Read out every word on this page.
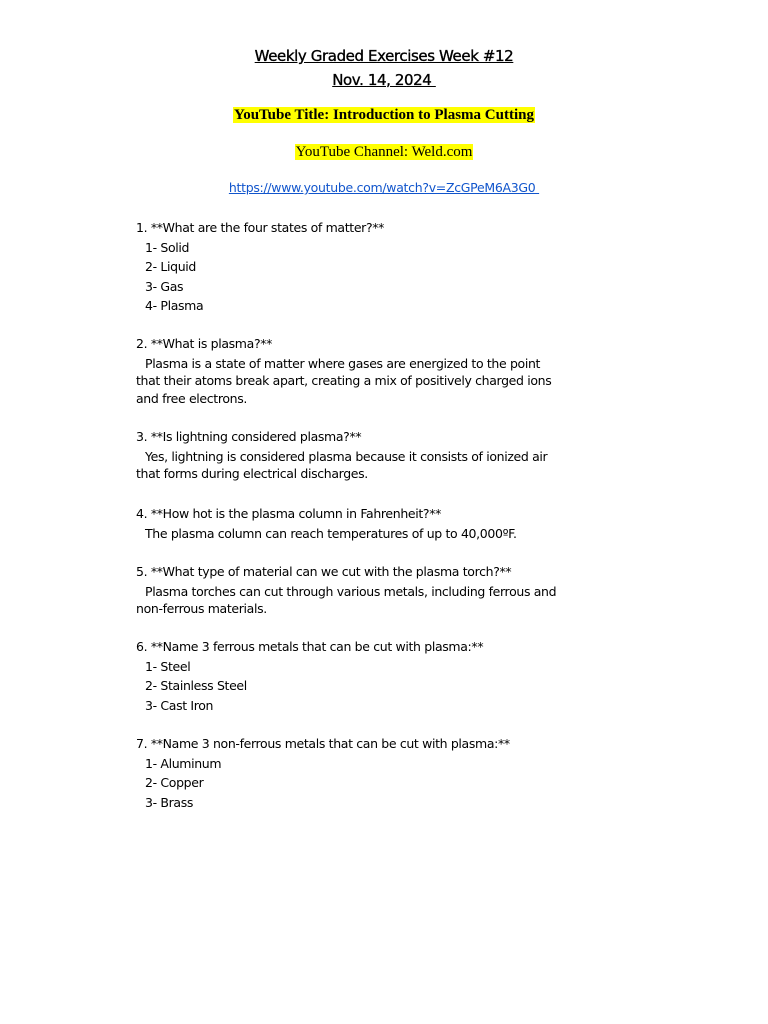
Weekly Graded Exercises Week #12
Nov. 14, 2024
YouTube Title: Introduction to Plasma Cutting
YouTube Channel: Weld.com
https://www.youtube.com/watch?v=ZcGPeM6A3G0
1. **What are the four states of matter?**
1- Solid
2- Liquid
3- Gas
4- Plasma
2. **What is plasma?**
Plasma is a state of matter where gases are energized to the point that their atoms break apart, creating a mix of positively charged ions and free electrons.
3. **Is lightning considered plasma?**
Yes, lightning is considered plasma because it consists of ionized air that forms during electrical discharges.
4. **How hot is the plasma column in Fahrenheit?**
The plasma column can reach temperatures of up to 40,000ºF.
5. **What type of material can we cut with the plasma torch?**
Plasma torches can cut through various metals, including ferrous and non-ferrous materials.
6. **Name 3 ferrous metals that can be cut with plasma:**
1- Steel
2- Stainless Steel
3- Cast Iron
7. **Name 3 non-ferrous metals that can be cut with plasma:**
1- Aluminum
2- Copper
3- Brass
